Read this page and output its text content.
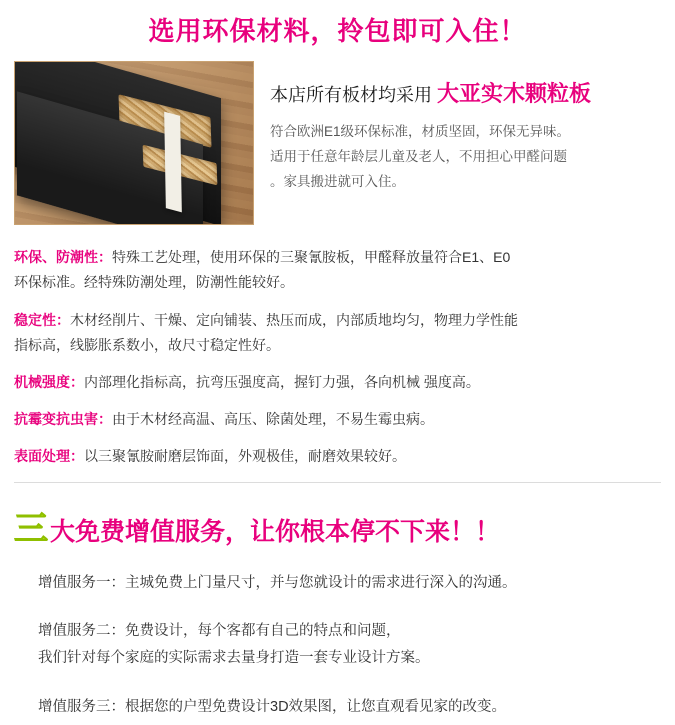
选用环保材料，拎包即可入住！
本店所有板材均采用 大亚实木颗粒板
符合欧洲E1级环保标准，材质坚固，环保无异味。
适用于任意年龄层儿童及老人，不用担心甲醛问题
。家具搬进就可入住。
环保、防潮性：特殊工艺处理，使用环保的三聚氰胺板，甲醛释放量符合E1、E0
环保标准。经特殊防潮处理，防潮性能较好。
稳定性：木材经削片、干燥、定向铺装、热压而成，内部质地均匀，物理力学性能
指标高，线膨胀系数小，故尺寸稳定性好。
机械强度：内部理化指标高，抗弯压强度高，握钉力强，各向机械 强度高。
抗霉变抗虫害：由于木材经高温、高压、除菌处理，不易生霉虫病。
表面处理：以三聚氰胺耐磨层饰面，外观极佳，耐磨效果较好。
三大免费增值服务，让你根本停不下来！！
增值服务一：主城免费上门量尺寸，并与您就设计的需求进行深入的沟通。
增值服务二：免费设计，每个客都有自己的特点和问题，
我们针对每个家庭的实际需求去量身打造一套专业设计方案。
增值服务三：根据您的户型免费设计3D效果图，让您直观看见家的改变。
